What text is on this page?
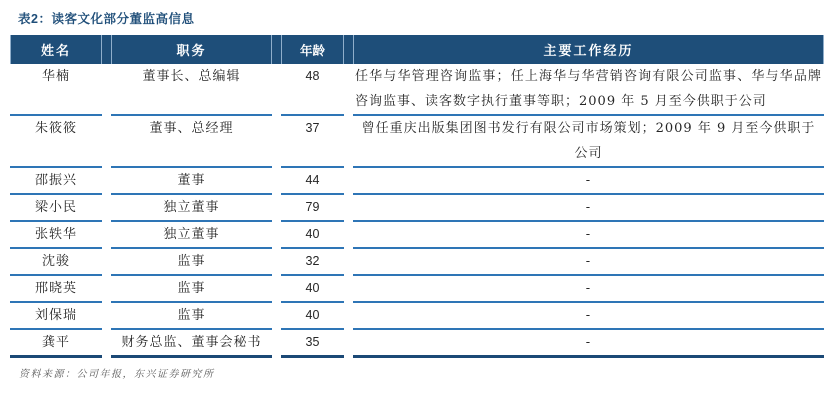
表2：读客文化部分董监高信息
姓名	职务	年龄	主要工作经历
华楠	董事长、总编辑	48	任华与华管理咨询监事；任上海华与华营销咨询有限公司监事、华与华品牌咨询监事、读客数字执行董事等职；2009 年 5 月至今供职于公司
朱筱筱	董事、总经理	37	曾任重庆出版集团图书发行有限公司市场策划；2009 年 9 月至今供职于公司
邵振兴	董事	44	-
梁小民	独立董事	79	-
张轶华	独立董事	40	-
沈骏	监事	32	-
邢晓英	监事	40	-
刘保瑞	监事	40	-
龚平	财务总监、董事会秘书	35	-
资料来源：公司年报，东兴证券研究所
